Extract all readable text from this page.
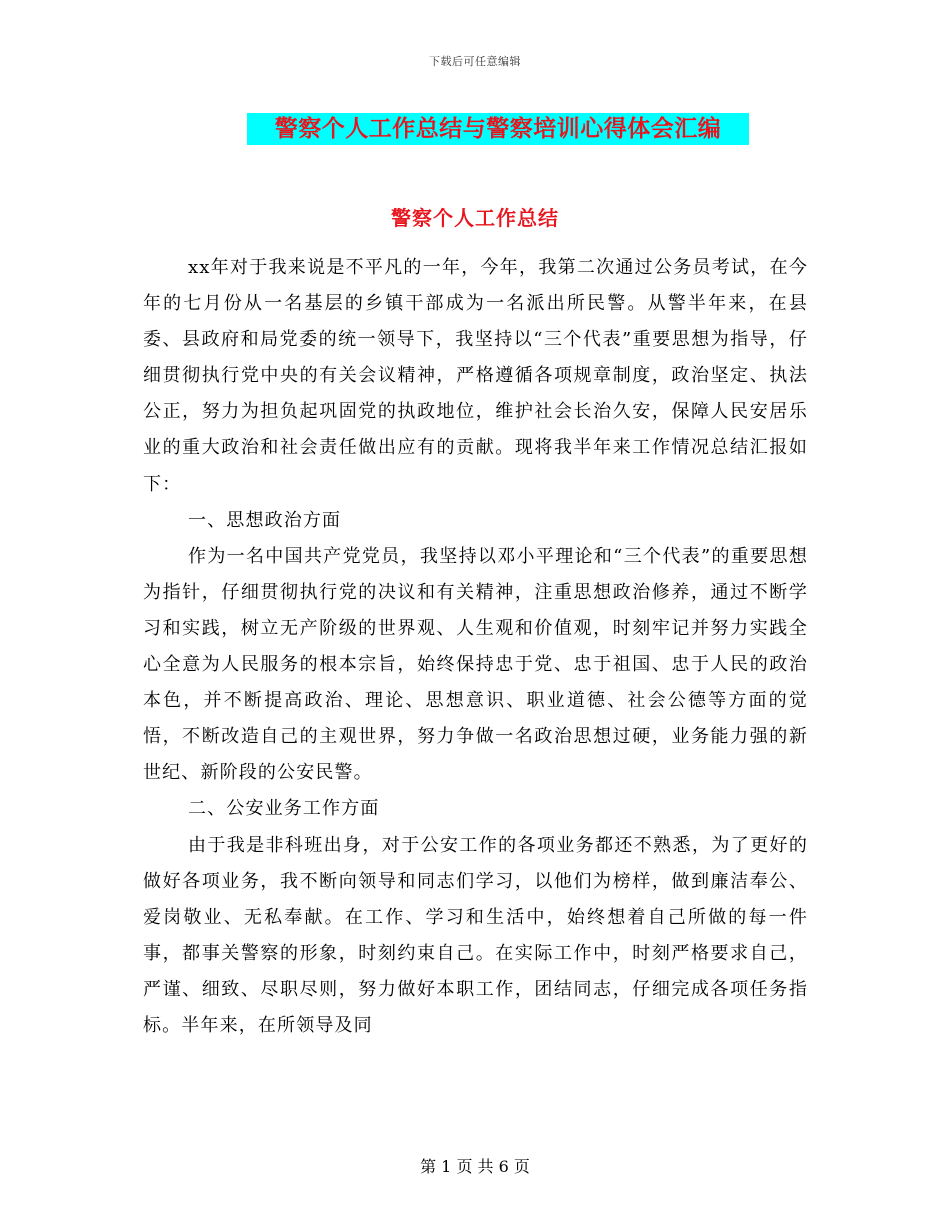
下载后可任意编辑
警察个人工作总结与警察培训心得体会汇编
警察个人工作总结

xx年对于我来说是不平凡的一年，今年，我第二次通过公务员考试，在今年的七月份从一名基层的乡镇干部成为一名派出所民警。从警半年来，在县委、县政府和局党委的统一领导下，我坚持以“三个代表”重要思想为指导，仔细贯彻执行党中央的有关会议精神，严格遵循各项规章制度，政治坚定、执法公正，努力为担负起巩固党的执政地位，维护社会长治久安，保障人民安居乐业的重大政治和社会责任做出应有的贡献。现将我半年来工作情况总结汇报如下：

一、思想政治方面

作为一名中国共产党党员，我坚持以邓小平理论和“三个代表”的重要思想为指针，仔细贯彻执行党的决议和有关精神，注重思想政治修养，通过不断学习和实践，树立无产阶级的世界观、人生观和价值观，时刻牢记并努力实践全心全意为人民服务的根本宗旨，始终保持忠于党、忠于祖国、忠于人民的政治本色，并不断提高政治、理论、思想意识、职业道德、社会公德等方面的觉悟，不断改造自己的主观世界，努力争做一名政治思想过硬，业务能力强的新世纪、新阶段的公安民警。

二、公安业务工作方面

由于我是非科班出身，对于公安工作的各项业务都还不熟悉，为了更好的做好各项业务，我不断向领导和同志们学习，以他们为榜样，做到廉洁奉公、爱岗敬业、无私奉献。在工作、学习和生活中，始终想着自己所做的每一件事，都事关警察的形象，时刻约束自己。在实际工作中，时刻严格要求自己，严谨、细致、尽职尽则，努力做好本职工作，团结同志，仔细完成各项任务指标。半年来，在所领导及同

第 1 页 共 6 页
